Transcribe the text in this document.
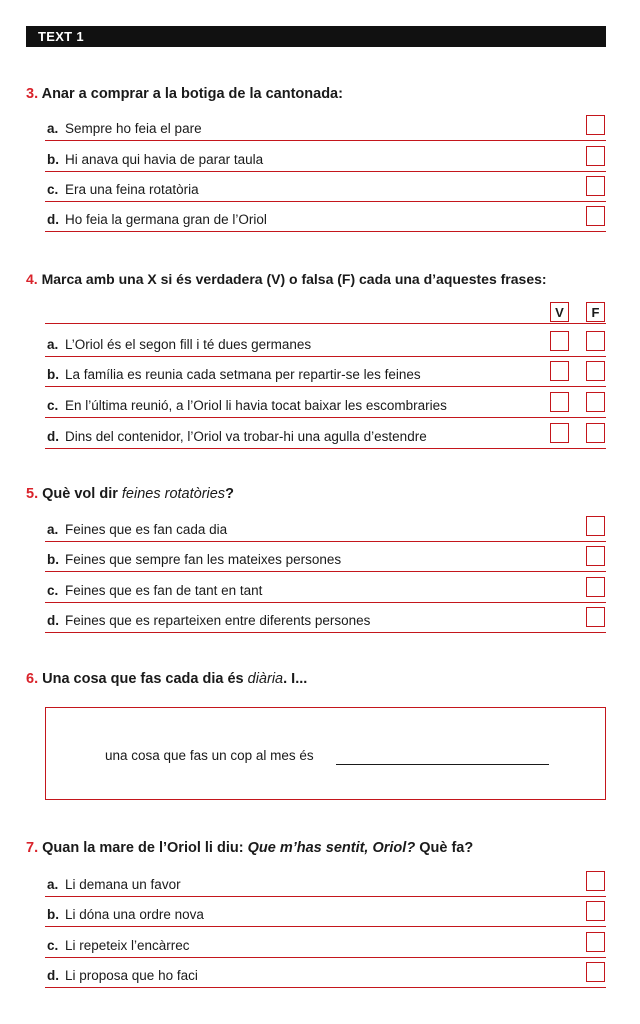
TEXT 1
3. Anar a comprar a la botiga de la cantonada:
a. Sempre ho feia el pare
b. Hi anava qui havia de parar taula
c. Era una feina rotatòria
d. Ho feia la germana gran de l’Oriol
4. Marca amb una X si és verdadera (V) o falsa (F) cada una d’aquestes frases:
V	F
a. L’Oriol és el segon fill i té dues germanes
b. La família es reunia cada setmana per repartir-se les feines
c. En l’última reunió, a l’Oriol li havia tocat baixar les escombraries
d. Dins del contenidor, l’Oriol va trobar-hi una agulla d’estendre
5. Què vol dir feines rotatòries?
a. Feines que es fan cada dia
b. Feines que sempre fan les mateixes persones
c. Feines que es fan de tant en tant
d. Feines que es reparteixen entre diferents persones
6. Una cosa que fas cada dia és diària. I...
una cosa que fas un cop al mes és
7. Quan la mare de l’Oriol li diu: Que m’has sentit, Oriol? Què fa?
a. Li demana un favor
b. Li dóna una ordre nova
c. Li repeteix l’encàrrec
d. Li proposa que ho faci
